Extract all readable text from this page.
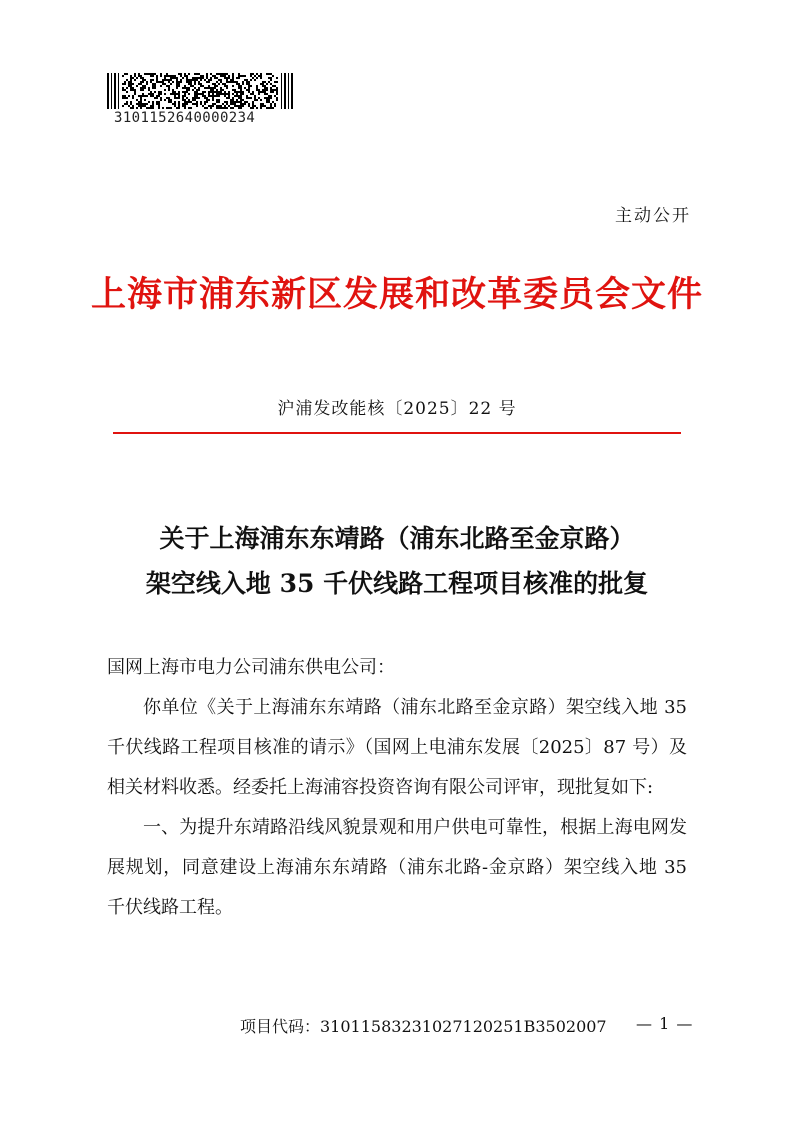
3101152640000234
主动公开
上海市浦东新区发展和改革委员会文件
沪浦发改能核〔2025〕22 号
关于上海浦东东靖路（浦东北路至金京路）
架空线入地 35 千伏线路工程项目核准的批复

国网上海市电力公司浦东供电公司：

你单位《关于上海浦东东靖路（浦东北路至金京路）架空线入地 35 千伏线路工程项目核准的请示》（国网上电浦东发展〔2025〕87 号）及相关材料收悉。经委托上海浦容投资咨询有限公司评审，现批复如下:

一、为提升东靖路沿线风貌景观和用户供电可靠性，根据上海电网发展规划，同意建设上海浦东东靖路（浦东北路-金京路）架空线入地 35 千伏线路工程。

项目代码：31011583231027120251B3502007 — 1 —
